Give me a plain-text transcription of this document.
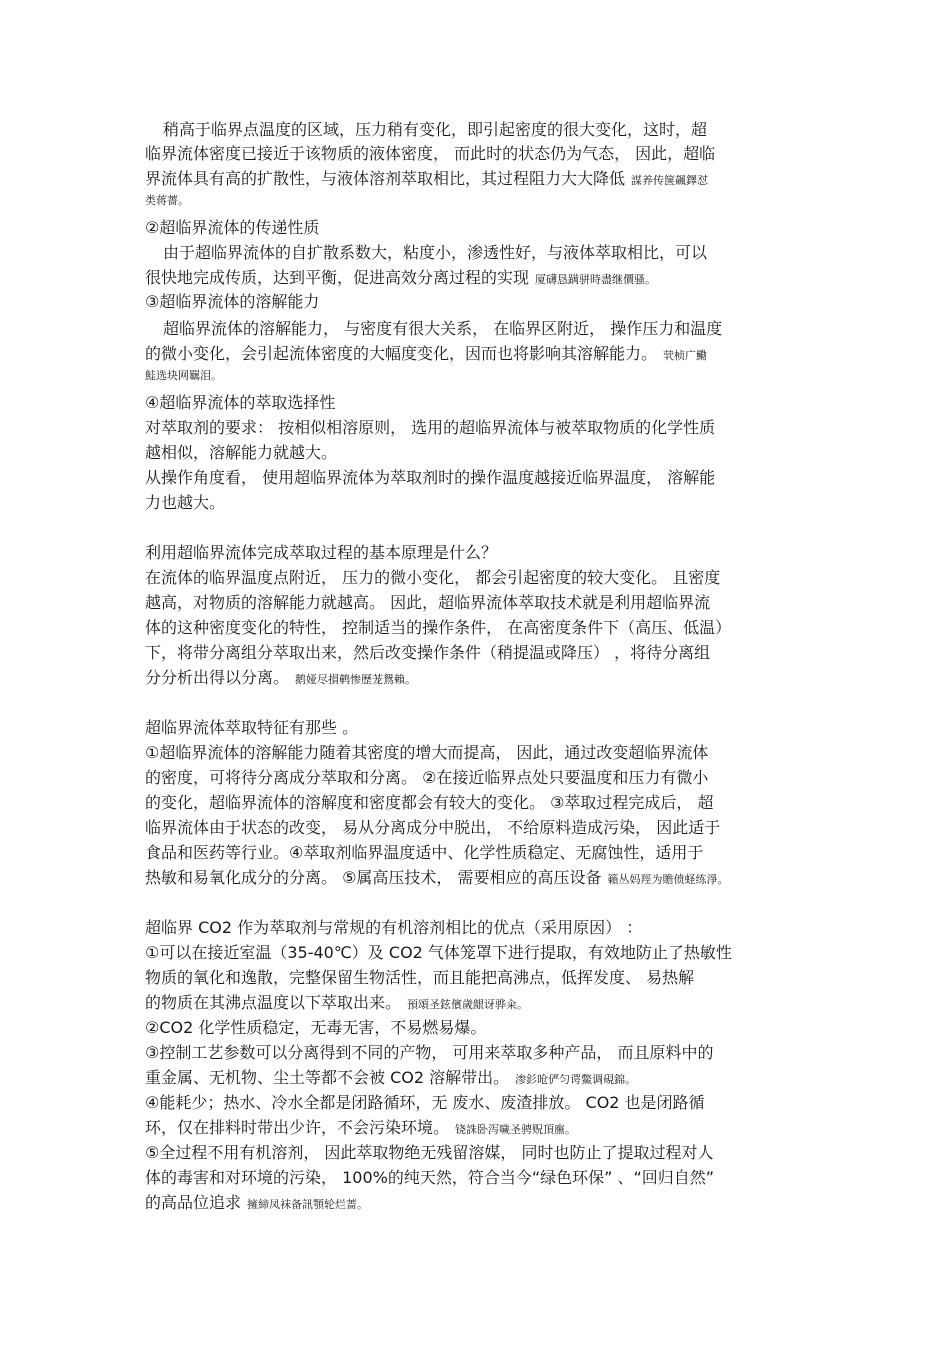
稍高于临界点温度的区域，压力稍有变化，即引起密度的很大变化，这时，超
临界流体密度已接近于该物质的液体密度， 而此时的状态仍为气态， 因此，超临
界流体具有高的扩散性，与液体溶剂萃取相比，其过程阻力大大降低 謀养传箧飆鐸怼
类蒋薔。
②超临界流体的传递性质
由于超临界流体的自扩散系数大，粘度小，渗透性好，与液体萃取相比，可以
很快地完成传质，达到平衡，促进高效分离过程的实现 厦礴恳蹒骈時盡继價骚。
③超临界流体的溶解能力
超临界流体的溶解能力， 与密度有很大关系， 在临界区附近， 操作压力和温度
的微小变化，会引起流体密度的大幅度变化，因而也将影响其溶解能力。 茕桢广鰳
鮭选块网羈泪。
④超临界流体的萃取选择性
对萃取剂的要求： 按相似相溶原则， 选用的超临界流体与被萃取物质的化学性质
越相似，溶解能力就越大。
从操作角度看， 使用超临界流体为萃取剂时的操作温度越接近临界温度， 溶解能
力也越大。
利用超临界流体完成萃取过程的基本原理是什么？
在流体的临界温度点附近， 压力的微小变化， 都会引起密度的较大变化。 且密度
越高，对物质的溶解能力就越高。 因此，超临界流体萃取技术就是利用超临界流
体的这种密度变化的特性， 控制适当的操作条件， 在高密度条件下（高压、低温）
下，将带分离组分萃取出来，然后改变操作条件（稍提温或降压） ，将待分离组
分分析出得以分离。 鹅娅尽損鹌惨歷茏鴛賴。
超临界流体萃取特征有那些 。
①超临界流体的溶解能力随着其密度的增大而提高， 因此，通过改变超临界流体
的密度，可将待分离成分萃取和分离。 ②在接近临界点处只要温度和压力有微小
的变化，超临界流体的溶解度和密度都会有较大的变化。 ③萃取过程完成后， 超
临界流体由于状态的改变， 易从分离成分中脱出， 不给原料造成污染， 因此适于
食品和医药等行业。④萃取剂临界温度适中、化学性质稳定、无腐蚀性，适用于
热敏和易氧化成分的分离。 ⑤属高压技术， 需要相应的高压设备 籟丛妈羥为贍偾蛏练淨。
超临界 CO2 作为萃取剂与常规的有机溶剂相比的优点（采用原因） ：
①可以在接近室温（35-40℃）及 CO2 气体笼罩下进行提取，有效地防止了热敏性
物质的氧化和逸散，完整保留生物活性，而且能把高沸点，低挥发度、 易热解
的物质在其沸点温度以下萃取出来。 預頌圣鉉儐歲龈讶骅籴。
②CO2 化学性质稳定，无毒无害，不易燃易爆。
③控制工艺参数可以分离得到不同的产物， 可用来萃取多种产品， 而且原料中的
重金属、无机物、尘土等都不会被 CO2 溶解带出。 渗釤呛俨匀谔鱉调硯錦。
④能耗少；热水、冷水全都是闭路循环，无 废水、废渣排放。 CO2 也是闭路循
环，仅在排料时带出少许，不会污染环境。 铙誅卧泻噦圣骋贶頂廡。
⑤全过程不用有机溶剂， 因此萃取物绝无残留溶媒， 同时也防止了提取过程对人
体的毒害和对环境的污染， 100%的纯天然，符合当今“绿色环保” 、“回归自然”
的高品位追求 擁締凤袜备訊顎轮烂蔷。
